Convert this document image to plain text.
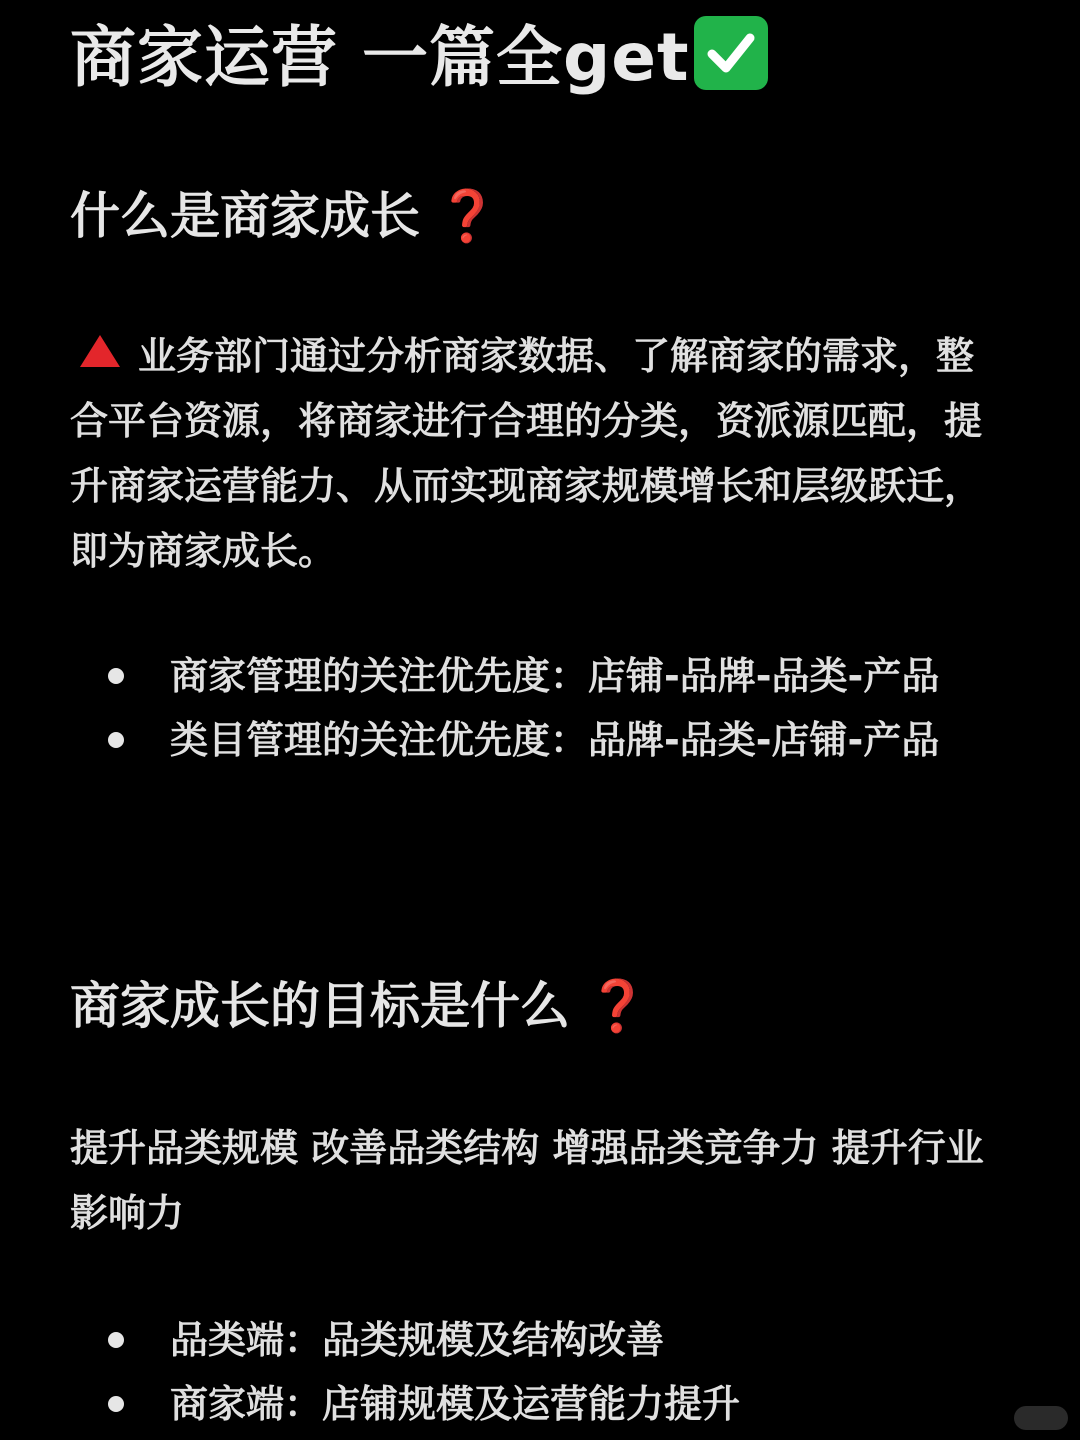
商家运营 一篇全get
什么是商家成长 ❓
业务部门通过分析商家数据、了解商家的需求，整合平台资源，将商家进行合理的分类，资派源匹配，提升商家运营能力、从而实现商家规模增长和层级跃迁，即为商家成长。
商家管理的关注优先度：店铺-品牌-品类-产品
类目管理的关注优先度：品牌-品类-店铺-产品
商家成长的目标是什么 ❓
提升品类规模 改善品类结构 增强品类竞争力 提升行业影响力
品类端：品类规模及结构改善
商家端：店铺规模及运营能力提升
